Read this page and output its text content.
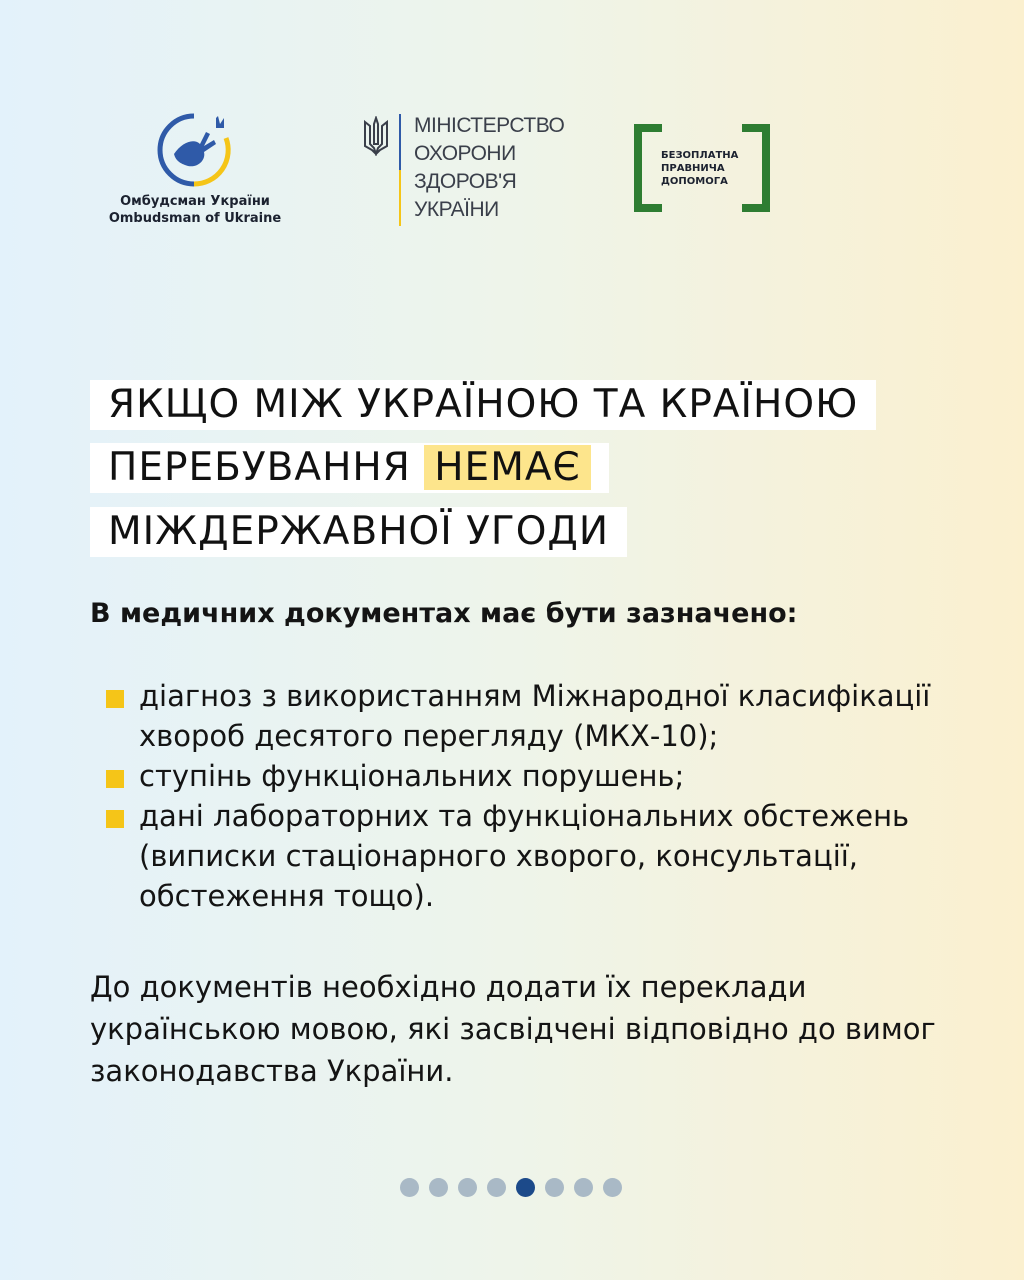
Омбудсман України
Ombudsman of Ukraine
МІНІСТЕРСТВО
ОХОРОНИ
ЗДОРОВ'Я
УКРАЇНИ
БЕЗОПЛАТНА
ПРАВНИЧА
ДОПОМОГА
ЯКЩО МІЖ УКРАЇНОЮ ТА КРАЇНОЮ
ПЕРЕБУВАННЯ НЕМАЄ
МІЖДЕРЖАВНОЇ УГОДИ
В медичних документах має бути зазначено:
діагноз з використанням Міжнародної класифікації хвороб десятого перегляду (МКХ-10);
ступінь функціональних порушень;
дані лабораторних та функціональних обстежень (виписки стаціонарного хворого, консультації, обстеження тощо).
До документів необхідно додати їх переклади українською мовою, які засвідчені відповідно до вимог законодавства України.
